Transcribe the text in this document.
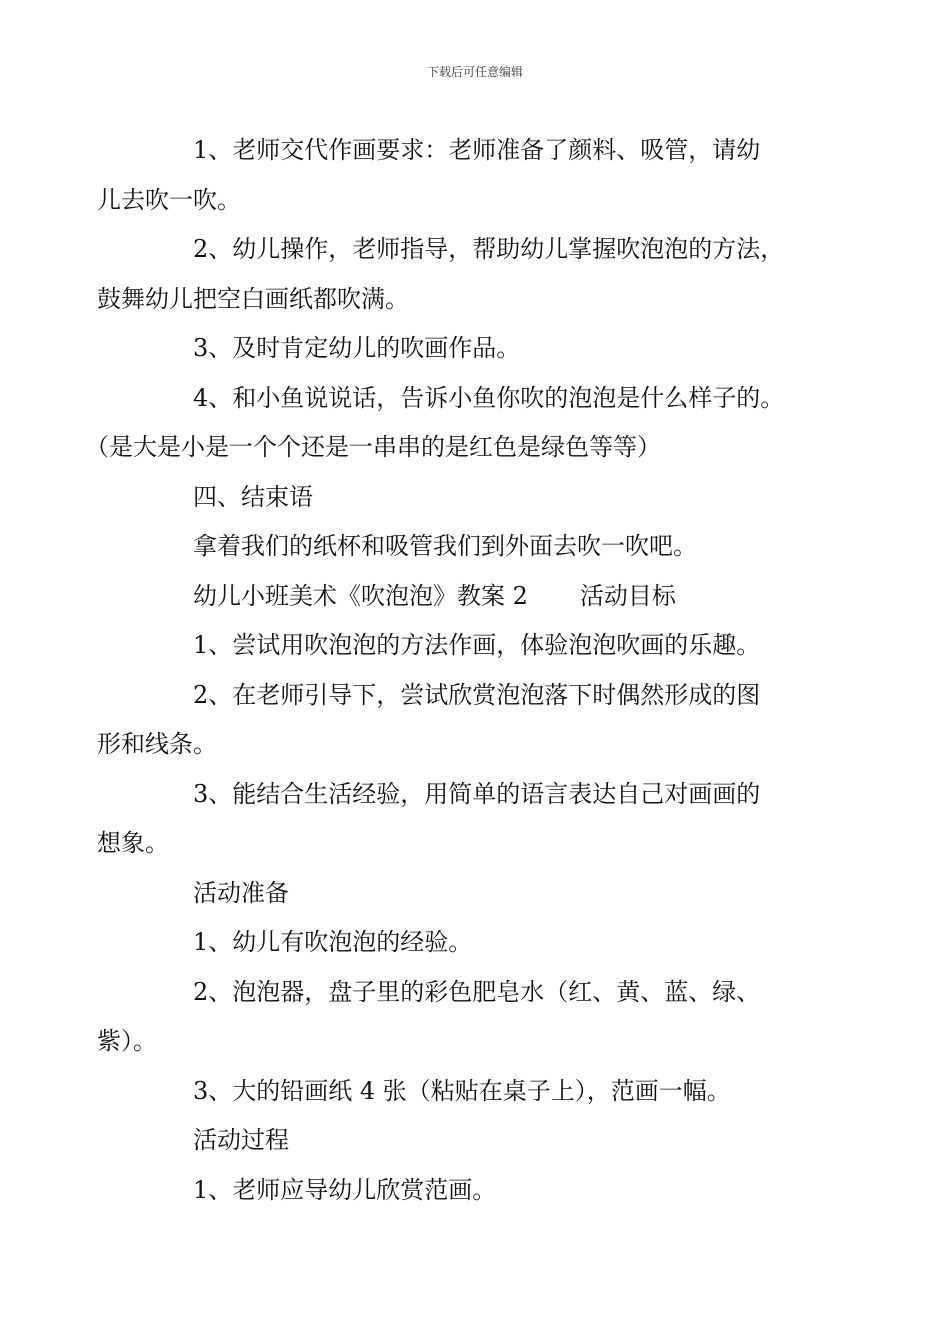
下载后可任意编辑

1、老师交代作画要求：老师准备了颜料、吸管，请幼
儿去吹一吹。

2、幼儿操作，老师指导，帮助幼儿掌握吹泡泡的方法，
鼓舞幼儿把空白画纸都吹满。

3、及时肯定幼儿的吹画作品。

4、和小鱼说说话，告诉小鱼你吹的泡泡是什么样子的。
（是大是小是一个个还是一串串的是红色是绿色等等）

四、结束语

拿着我们的纸杯和吸管我们到外面去吹一吹吧。

幼儿小班美术《吹泡泡》教案 2 活动目标

1、尝试用吹泡泡的方法作画，体验泡泡吹画的乐趣。

2、在老师引导下，尝试欣赏泡泡落下时偶然形成的图
形和线条。

3、能结合生活经验，用简单的语言表达自己对画画的
想象。

活动准备

1、幼儿有吹泡泡的经验。

2、泡泡器，盘子里的彩色肥皂水（红、黄、蓝、绿、
紫）。

3、大的铅画纸 4 张（粘贴在桌子上），范画一幅。

活动过程

1、老师应导幼儿欣赏范画。
